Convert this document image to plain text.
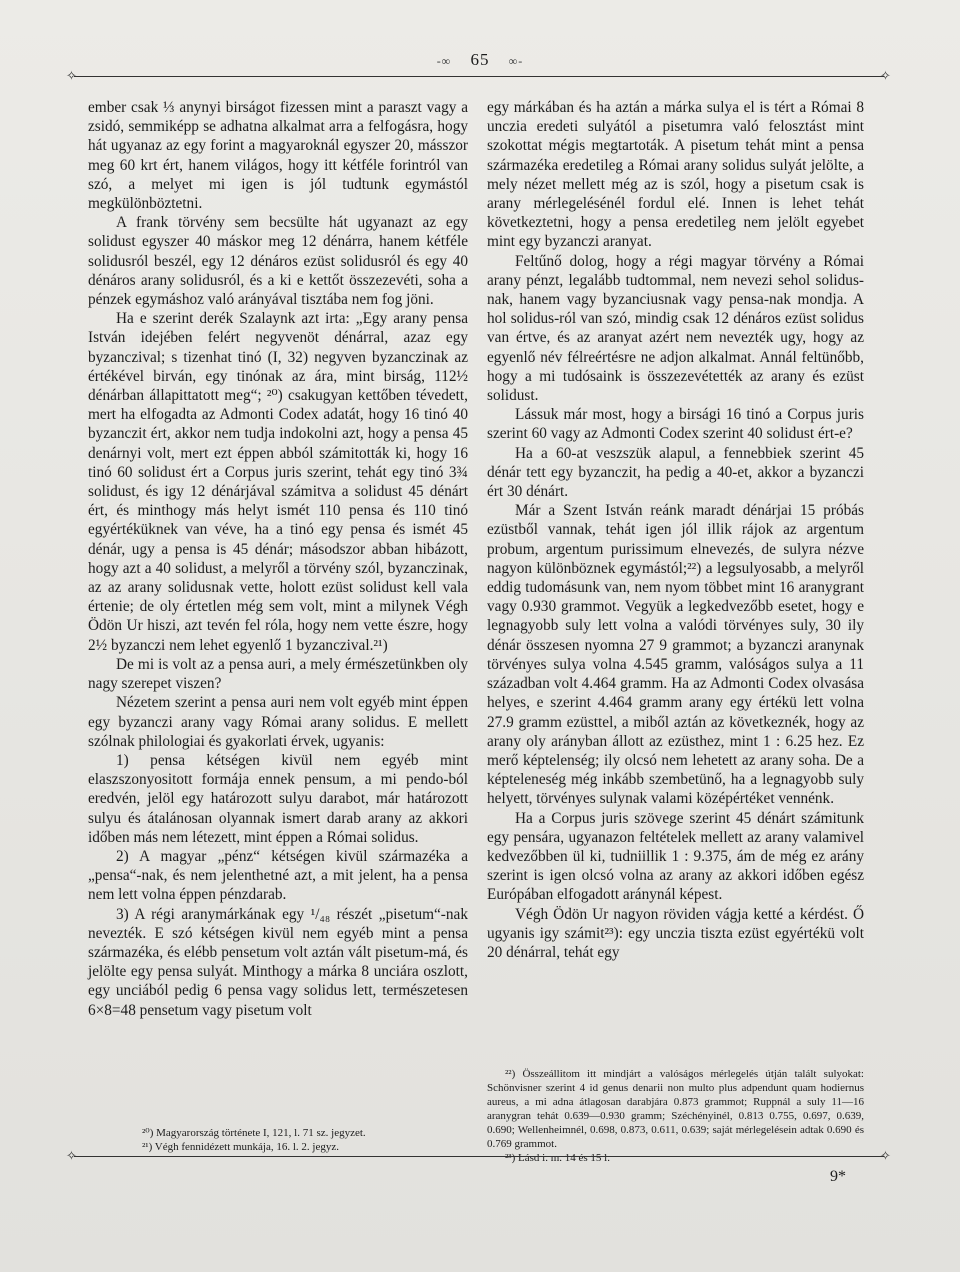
-∞ 65 ∞-
✧	✧

ember csak ⅓ anynyi birságot fizessen mint a paraszt vagy a zsidó, semmiképp se adhatna alkalmat arra a felfogásra, hogy hát ugyanaz az egy forint a magyaroknál egyszer 20, másszor meg 60 krt ért, hanem világos, hogy itt kétféle forintról van szó, a melyet mi igen is jól tudtunk egymástól megkülönböztetni.

A frank törvény sem becsülte hát ugyanazt az egy solidust egyszer 40 máskor meg 12 dénárra, hanem kétféle solidusról beszél, egy 12 dénáros ezüst solidusról és egy 40 dénáros arany solidusról, és a ki e kettőt összezevéti, soha a pénzek egymáshoz való arányával tisztába nem fog jöni.

Ha e szerint derék Szalaynk azt irta: „Egy arany pensa István idejében felért negyvenöt dénárral, azaz egy byzanczival; s tizenhat tinó (I, 32) negyven byzanczinak az értékével birván, egy tinónak az ára, mint birság, 112½ dénárban állapittatott meg“; ²⁰) csakugyan kettőben tévedett, mert ha elfogadta az Admonti Codex adatát, hogy 16 tinó 40 byzanczit ért, akkor nem tudja indokolni azt, hogy a pensa 45 denárnyi volt, mert ezt éppen abból számitották ki, hogy 16 tinó 60 solidust ért a Corpus juris szerint, tehát egy tinó 3¾ solidust, és igy 12 dénárjával számitva a solidust 45 dénárt ért, és minthogy más helyt ismét 110 pensa és 110 tinó egyértéküknek van véve, ha a tinó egy pensa és ismét 45 dénár, ugy a pensa is 45 dénár; másodszor abban hibázott, hogy azt a 40 solidust, a melyről a törvény szól, byzanczinak, az az arany solidusnak vette, holott ezüst solidust kell vala értenie; de oly értetlen még sem volt, mint a milynek Végh Ödön Ur hiszi, azt tevén fel róla, hogy nem vette észre, hogy 2½ byzanczi nem lehet egyenlő 1 byzanczival.²¹)

De mi is volt az a pensa auri, a mely érmészetünkben oly nagy szerepet viszen?

Nézetem szerint a pensa auri nem volt egyéb mint éppen egy byzanczi arany vagy Római arany solidus. E mellett szólnak philologiai és gyakorlati érvek, ugyanis:

1) pensa kétségen kivül nem egyéb mint elaszszonyositott formája ennek pensum, a mi pendo-ból eredvén, jelöl egy határozott sulyu darabot, már határozott sulyu és átalánosan olyannak ismert darab arany az akkori időben más nem létezett, mint éppen a Római solidus.

2) A magyar „pénz“ kétségen kivül származéka a „pensa“-nak, és nem jelenthetné azt, a mit jelent, ha a pensa nem lett volna éppen pénzdarab.

3) A régi aranymárkának egy ¹/₄₈ részét „pisetum“-nak nevezték. E szó kétségen kivül nem egyéb mint a pensa származéka, és elébb pensetum volt aztán vált pisetum-má, és jelölte egy pensa sulyát. Minthogy a márka 8 unciára oszlott, egy unciából pedig 6 pensa vagy solidus lett, természetesen 6×8=48 pensetum vagy pisetum volt

²⁰) Magyarország története I, 121, l. 71 sz. jegyzet.

²¹) Végh fennidézett munkája, 16. l. 2. jegyz.

egy márkában és ha aztán a márka sulya el is tért a Római 8 unczia eredeti sulyától a pisetumra való felosztást mint szokottat mégis megtartoták. A pisetum tehát mint a pensa származéka eredetileg a Római arany solidus sulyát jelölte, a mely nézet mellett még az is szól, hogy a pisetum csak is arany mérlegelésénél fordul elé. Innen is lehet tehát következtetni, hogy a pensa eredetileg nem jelölt egyebet mint egy byzanczi aranyat.

Feltűnő dolog, hogy a régi magyar törvény a Római arany pénzt, legalább tudtommal, nem nevezi sehol solidus-nak, hanem vagy byzanciusnak vagy pensa-nak mondja. A hol solidus-ról van szó, mindig csak 12 dénáros ezüst solidus van értve, és az aranyat azért nem nevezték ugy, hogy az egyenlő név félreértésre ne adjon alkalmat. Annál feltünőbb, hogy a mi tudósaink is összezevétették az arany és ezüst solidust.

Lássuk már most, hogy a birsági 16 tinó a Corpus juris szerint 60 vagy az Admonti Codex szerint 40 solidust ért-e?

Ha a 60-at veszszük alapul, a fennebbiek szerint 45 dénár tett egy byzanczit, ha pedig a 40-et, akkor a byzanczi ért 30 dénárt.

Már a Szent István reánk maradt dénárjai 15 próbás ezüstből vannak, tehát igen jól illik rájok az argentum probum, argentum purissimum elnevezés, de sulyra nézve nagyon különböznek egymástól;²²) a legsulyosabb, a melyről eddig tudomásunk van, nem nyom többet mint 16 aranygrant vagy 0.930 grammot. Vegyük a legkedvezőbb esetet, hogy e legnagyobb suly lett volna a valódi törvényes suly, 30 ily dénár összesen nyomna 27 9 grammot; a byzanczi aranynak törvényes sulya volna 4.545 gramm, valóságos sulya a 11 században volt 4.464 gramm. Ha az Admonti Codex olvasása helyes, e szerint 4.464 gramm arany egy értékü lett volna 27.9 gramm ezüsttel, a miből aztán az következnék, hogy az arany oly arányban állott az ezüsthez, mint 1 : 6.25 hez. Ez merő képtelenség; ily olcsó nem lehetett az arany soha. De a képteleneség még inkább szembetünő, ha a legnagyobb suly helyett, törvényes sulynak valami középértéket vennénk.

Ha a Corpus juris szövege szerint 45 dénárt számitunk egy pensára, ugyanazon feltételek mellett az arany valamivel kedvezőbben ül ki, tudniillik 1 : 9.375, ám de még ez arány szerint is igen olcsó volna az arany az akkori időben egész Európában elfogadott aránynál képest.

Végh Ödön Ur nagyon röviden vágja ketté a kérdést. Ő ugyanis igy számit²³): egy unczia tiszta ezüst egyértékü volt 20 dénárral, tehát egy

²²) Összeállitom itt mindjárt a valóságos mérlegelés útján talált sulyokat: Schönvisner szerint 4 id genus denarii non multo plus adpendunt quam hodiernus aureus, a mi adna átlagosan darabjára 0.873 grammot; Ruppnál a suly 11—16 aranygran tehát 0.639—0.930 gramm; Széchényinél, 0.813 0.755, 0.697, 0.639, 0.690; Wellenheimnél, 0.698, 0.873, 0.611, 0.639; saját mérlegelésein adtak 0.690 és 0.769 grammot.

²³) Lásd i. m. 14 és 15 l.

✧	✧
9*
